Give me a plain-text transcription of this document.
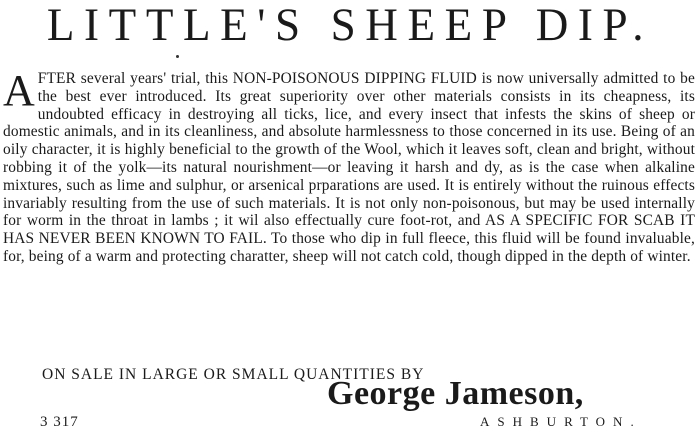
LITTLE'S SHEEP DIP.
AFTER several years' trial, this NON-POISONOUS DIPPING FLUID is now universally admitted to be the best ever introduced. Its great superiority over other materials consists in its cheapness, its undoubted efficacy in destroying all ticks, lice, and every insect that infests the skins of sheep or domestic animals, and in its cleanliness, and absolute harmlessness to those concerned in its use. Being of an oily character, it is highly beneficial to the growth of the Wool, which it leaves soft, clean and bright, without robbing it of the yolk—its natural nourishment—or leaving it harsh and dy, as is the case when alkaline mixtures, such as lime and sulphur, or arsenical prparations are used. It is entirely without the ruinous effects invariably resulting from the use of such materials. It is not only non-poisonous, but may be used internally for worm in the throat in lambs ; it wil also effectually cure foot-rot, and AS A SPECIFIC FOR SCAB IT HAS NEVER BEEN KNOWN TO FAIL. To those who dip in full fleece, this fluid will be found invaluable, for, being of a warm and protecting charatter, sheep will not catch cold, though dipped in the depth of winter.
ON SALE IN LARGE OR SMALL QUANTITIES BY
George Jameson,
3 317	ASHBURTON.
